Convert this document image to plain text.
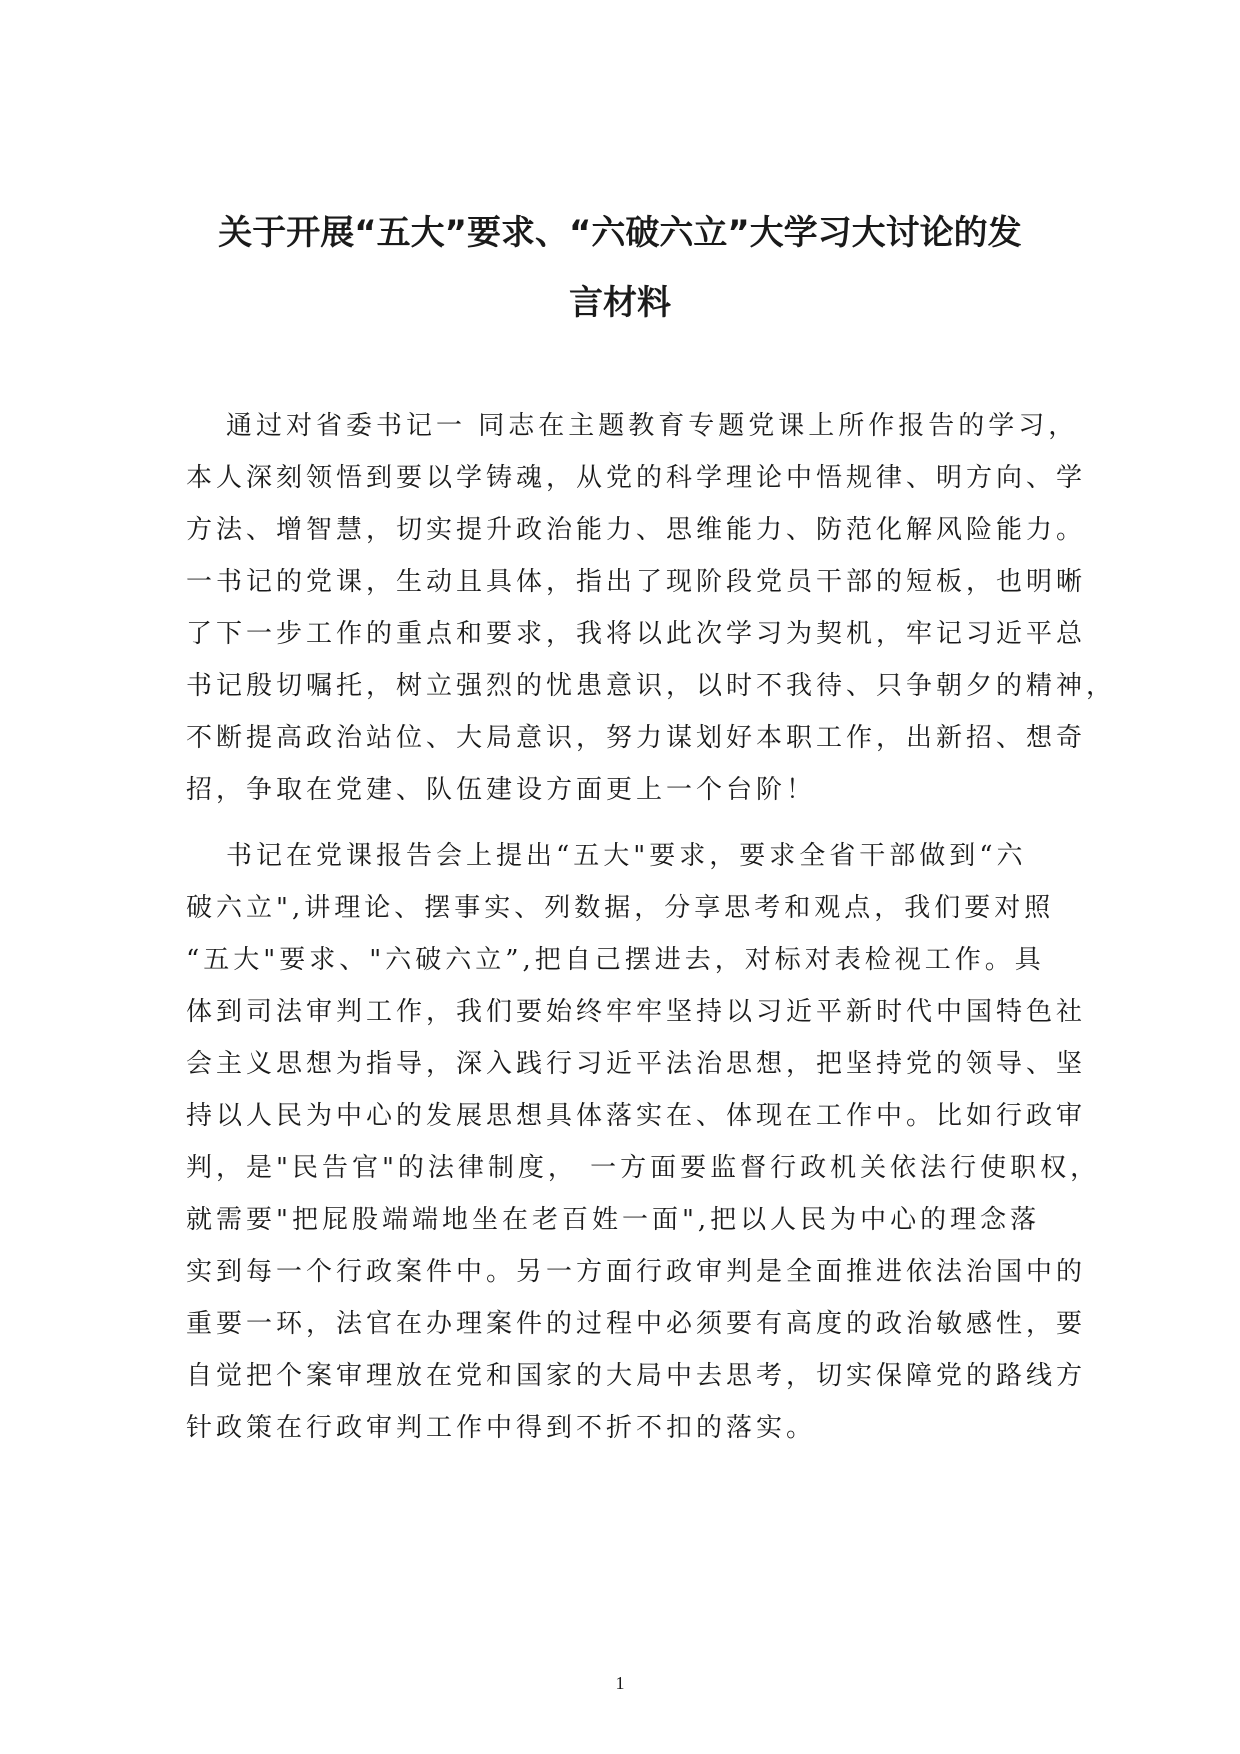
关于开展“五大”要求、“六破六立”大学习大讨论的发
言材料

通过对省委书记一 同志在主题教育专题党课上所作报告的学习，
本人深刻领悟到要以学铸魂，从党的科学理论中悟规律、明方向、学
方法、增智慧，切实提升政治能力、思维能力、防范化解风险能力。
一书记的党课，生动且具体，指出了现阶段党员干部的短板，也明晰
了下一步工作的重点和要求，我将以此次学习为契机，牢记习近平总
书记殷切嘱托，树立强烈的忧患意识，以时不我待、只争朝夕的精神，
不断提高政治站位、大局意识，努力谋划好本职工作，出新招、想奇
招，争取在党建、队伍建设方面更上一个台阶！

书记在党课报告会上提出“五大"要求，要求全省干部做到“六
破六立",讲理论、摆事实、列数据，分享思考和观点，我们要对照
“五大"要求、"六破六立”,把自己摆进去，对标对表检视工作。具
体到司法审判工作，我们要始终牢牢坚持以习近平新时代中国特色社
会主义思想为指导，深入践行习近平法治思想，把坚持党的领导、坚
持以人民为中心的发展思想具体落实在、体现在工作中。比如行政审
判，是"民告官"的法律制度， 一方面要监督行政机关依法行使职权，
就需要"把屁股端端地坐在老百姓一面",把以人民为中心的理念落
实到每一个行政案件中。另一方面行政审判是全面推进依法治国中的
重要一环，法官在办理案件的过程中必须要有高度的政治敏感性，要
自觉把个案审理放在党和国家的大局中去思考，切实保障党的路线方
针政策在行政审判工作中得到不折不扣的落实。

1
